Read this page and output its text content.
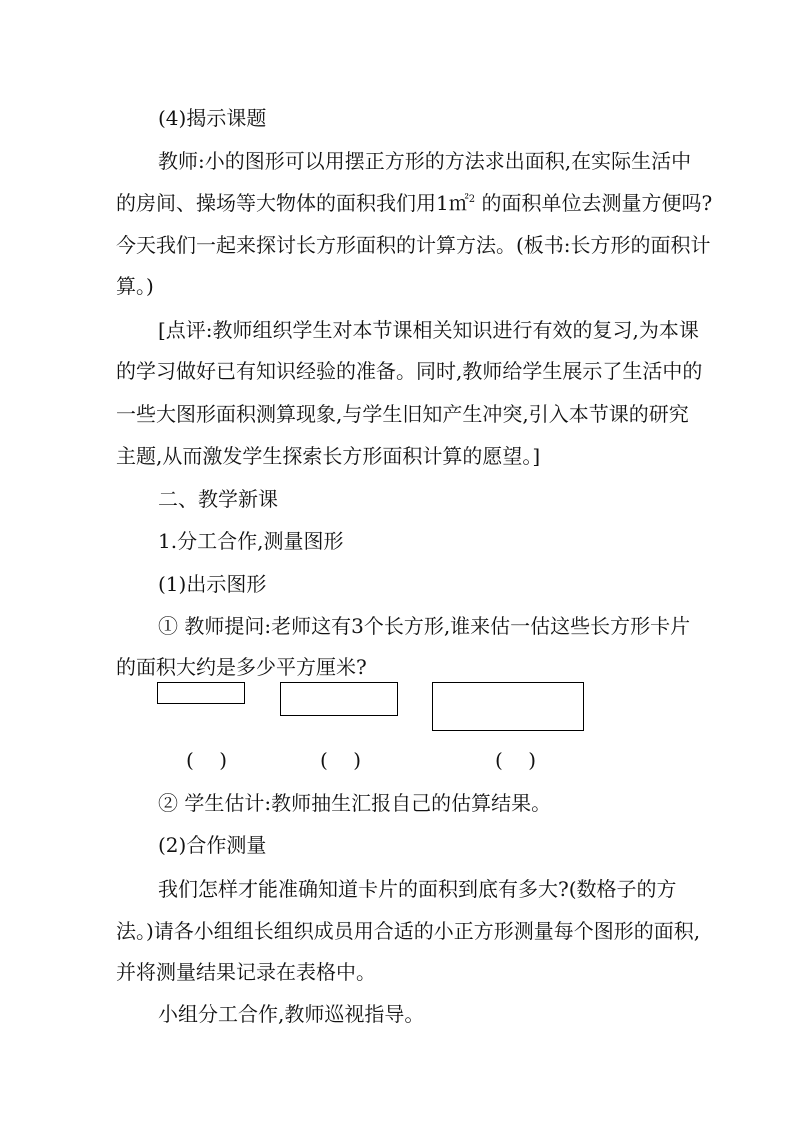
(4)揭示课题

教师:小的图形可以用摆正方形的方法求出面积,在实际生活中

的房间、操场等大物体的面积我们用1㎡$^2$ 的面积单位去测量方便吗?

今天我们一起来探讨长方形面积的计算方法。(板书:长方形的面积计

算。)

[点评:教师组织学生对本节课相关知识进行有效的复习,为本课

的学习做好已有知识经验的准备。同时,教师给学生展示了生活中的

一些大图形面积测算现象,与学生旧知产生冲突,引入本节课的研究

主题,从而激发学生探索长方形面积计算的愿望。]

二、教学新课

1.分工合作,测量图形

(1)出示图形

① 教师提问:老师这有3个长方形,谁来估一估这些长方形卡片

的面积大约是多少平方厘米?

(    )	(    )	(    )

② 学生估计:教师抽生汇报自己的估算结果。

(2)合作测量

我们怎样才能准确知道卡片的面积到底有多大?(数格子的方

法。)请各小组组长组织成员用合适的小正方形测量每个图形的面积,

并将测量结果记录在表格中。

小组分工合作,教师巡视指导。
